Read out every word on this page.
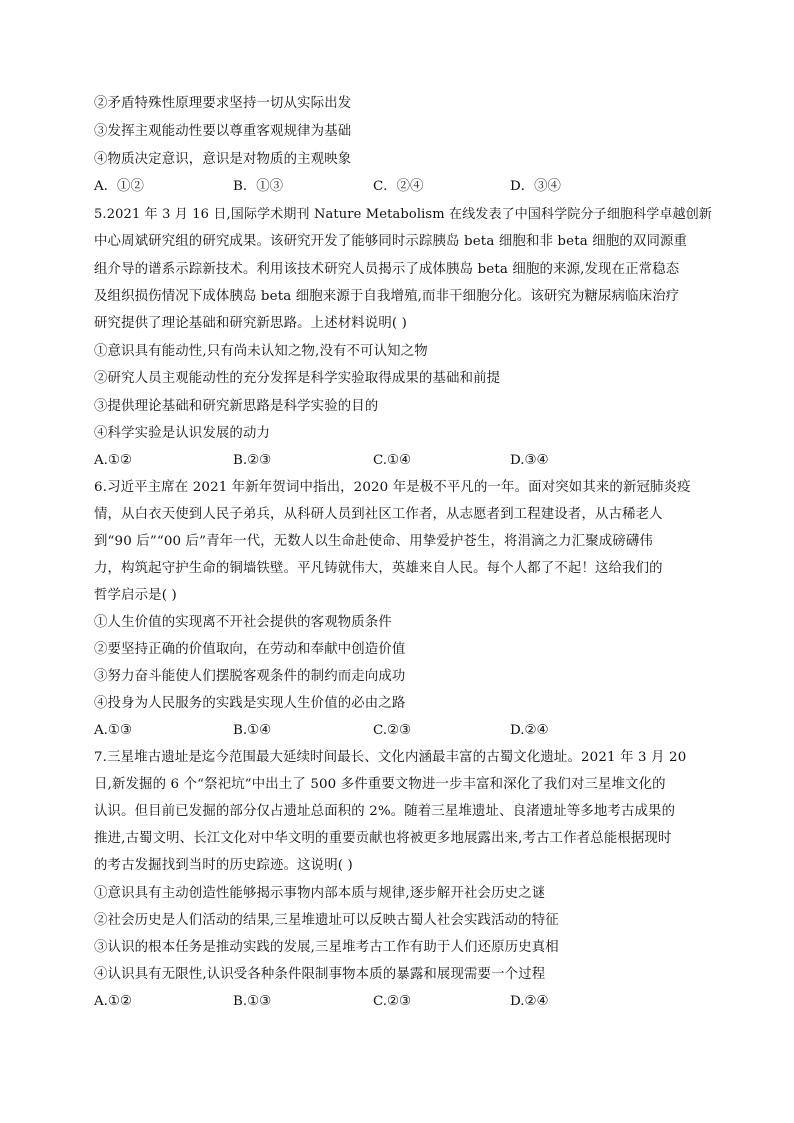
②矛盾特殊性原理要求坚持一切从实际出发
③发挥主观能动性要以尊重客观规律为基础
④物质决定意识，意识是对物质的主观映象
A．①②	B．①③	C．②④	D．③④
5.2021 年 3 月 16 日,国际学术期刊 Nature Metabolism 在线发表了中国科学院分子细胞科学卓越创新
中心周斌研究组的研究成果。该研究开发了能够同时示踪胰岛 beta 细胞和非 beta 细胞的双同源重
组介导的谱系示踪新技术。利用该技术研究人员揭示了成体胰岛 beta 细胞的来源,发现在正常稳态
及组织损伤情况下成体胰岛 beta 细胞来源于自我增殖,而非干细胞分化。该研究为糖尿病临床治疗
研究提供了理论基础和研究新思路。上述材料说明( )
①意识具有能动性,只有尚未认知之物,没有不可认知之物
②研究人员主观能动性的充分发挥是科学实验取得成果的基础和前提
③提供理论基础和研究新思路是科学实验的目的
④科学实验是认识发展的动力
A.①②	B.②③	C.①④	D.③④
6.习近平主席在 2021 年新年贺词中指出，2020 年是极不平凡的一年。面对突如其来的新冠肺炎疫
情，从白衣天使到人民子弟兵，从科研人员到社区工作者，从志愿者到工程建设者，从古稀老人
到“90 后”“00 后”青年一代，无数人以生命赴使命、用挚爱护苍生，将涓滴之力汇聚成磅礴伟
力，构筑起守护生命的铜墙铁壁。平凡铸就伟大，英雄来自人民。每个人都了不起！这给我们的
哲学启示是( )
①人生价值的实现离不开社会提供的客观物质条件
②要坚持正确的价值取向，在劳动和奉献中创造价值
③努力奋斗能使人们摆脱客观条件的制约而走向成功
④投身为人民服务的实践是实现人生价值的必由之路
A.①③	B.①④	C.②③	D.②④
7.三星堆古遗址是迄今范围最大延续时间最长、文化内涵最丰富的古蜀文化遗址。2021 年 3 月 20
日,新发掘的 6 个“祭祀坑”中出土了 500 多件重要文物进一步丰富和深化了我们对三星堆文化的
认识。但目前已发掘的部分仅占遗址总面积的 2%。随着三星堆遗址、良渚遗址等多地考古成果的
推进,古蜀文明、长江文化对中华文明的重要贡献也将被更多地展露出来,考古工作者总能根据现时
的考古发掘找到当时的历史踪迹。这说明( )
①意识具有主动创造性能够揭示事物内部本质与规律,逐步解开社会历史之谜
②社会历史是人们活动的结果,三星堆遗址可以反映古蜀人社会实践活动的特征
③认识的根本任务是推动实践的发展,三星堆考古工作有助于人们还原历史真相
④认识具有无限性,认识受各种条件限制事物本质的暴露和展现需要一个过程
A.①②	B.①③	C.②③	D.②④
